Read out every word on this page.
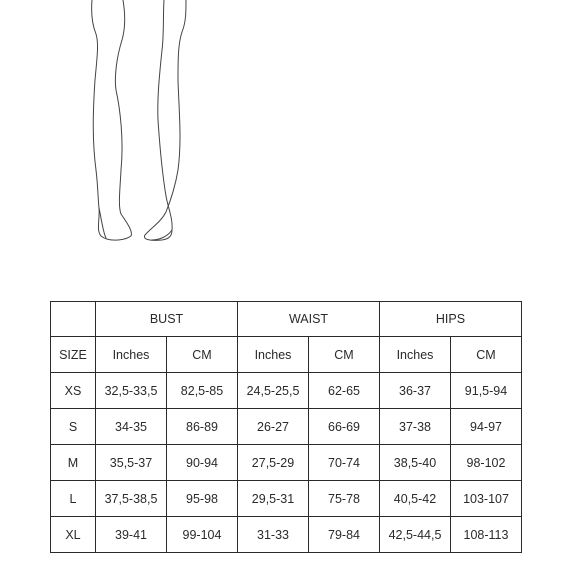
	BUST		WAIST		HIPS	
SIZE	Inches	CM	Inches	CM	Inches	CM
XS	32,5-33,5	82,5-85	24,5-25,5	62-65	36-37	91,5-94
S	34-35	86-89	26-27	66-69	37-38	94-97
M	35,5-37	90-94	27,5-29	70-74	38,5-40	98-102
L	37,5-38,5	95-98	29,5-31	75-78	40,5-42	103-107
XL	39-41	99-104	31-33	79-84	42,5-44,5	108-113
